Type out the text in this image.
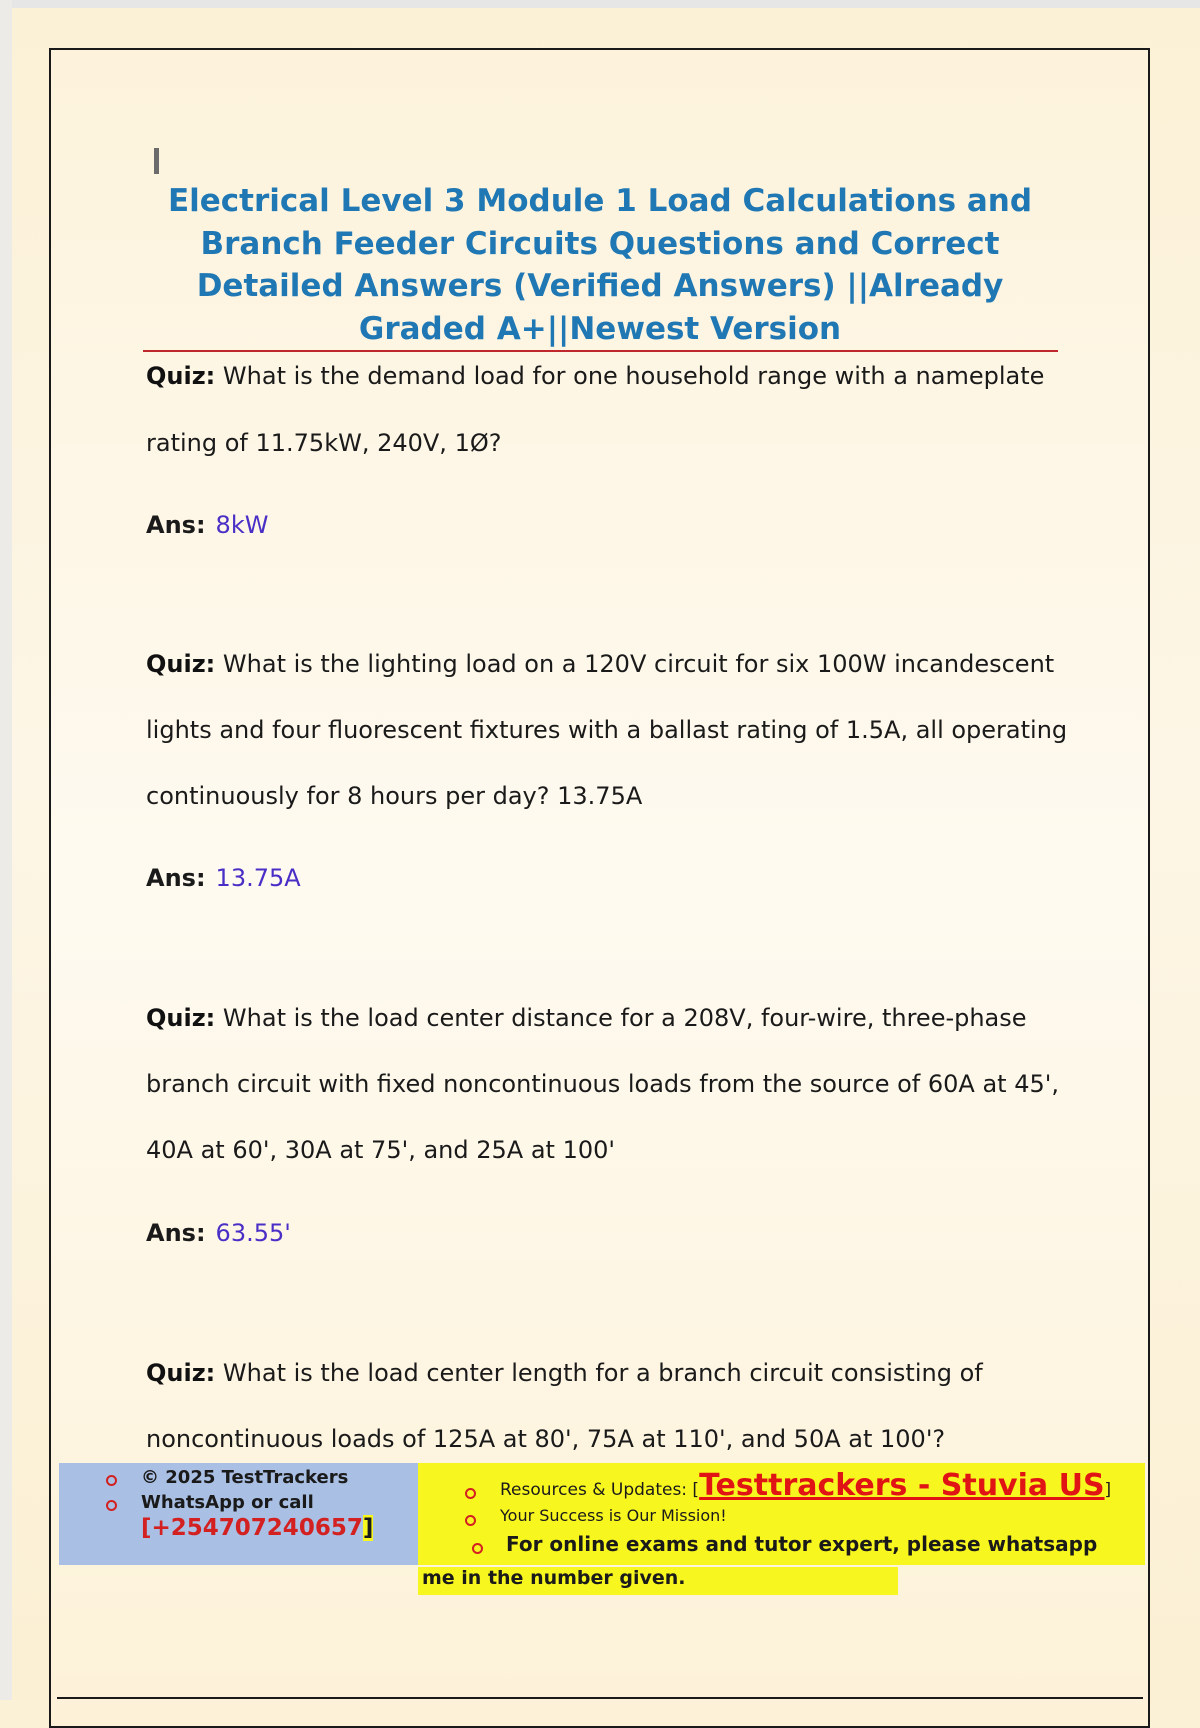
Electrical Level 3 Module 1 Load Calculations and
Branch Feeder Circuits Questions and Correct
Detailed Answers (Verified Answers) ||Already
Graded A+||Newest Version

Quiz: What is the demand load for one household range with a nameplate

rating of 11.75kW, 240V, 1Ø?

Ans: 8kW

Quiz: What is the lighting load on a 120V circuit for six 100W incandescent

lights and four fluorescent fixtures with a ballast rating of 1.5A, all operating

continuously for 8 hours per day? 13.75A

Ans: 13.75A

Quiz: What is the load center distance for a 208V, four-wire, three-phase

branch circuit with fixed noncontinuous loads from the source of 60A at 45',

40A at 60', 30A at 75', and 25A at 100'

Ans: 63.55'

Quiz: What is the load center length for a branch circuit consisting of

noncontinuous loads of 125A at 80', 75A at 110', and 50A at 100'?

© 2025 TestTrackers
WhatsApp or call
[+254707240657]
Resources & Updates: [Testtrackers - Stuvia US]
Your Success is Our Mission!
For online exams and tutor expert, please whatsapp
me in the number given.
